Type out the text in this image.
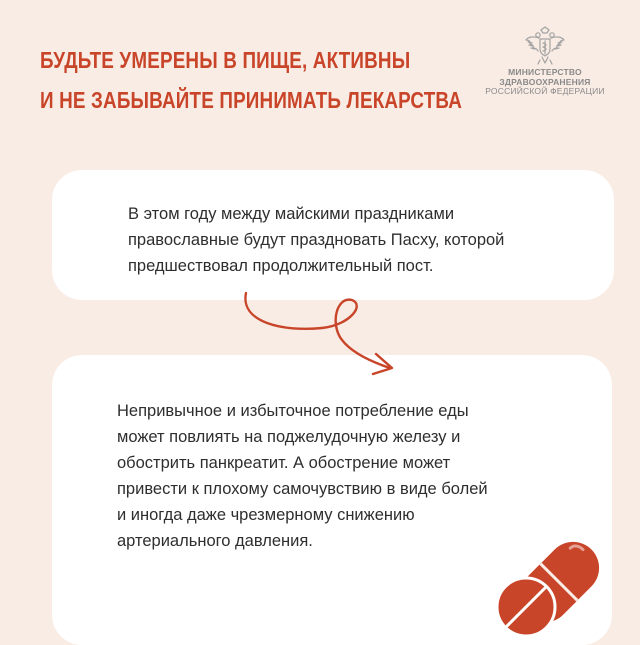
БУДЬТЕ УМЕРЕНЫ В ПИЩЕ, АКТИВНЫ
И НЕ ЗАБЫВАЙТЕ ПРИНИМАТЬ ЛЕКАРСТВА
МИНИСТЕРСТВО
ЗДРАВООХРАНЕНИЯ
РОССИЙСКОЙ ФЕДЕРАЦИИ

В этом году между майскими праздниками
православные будут праздновать Пасху, которой
предшествовал продолжительный пост.

Непривычное и избыточное потребление еды
может повлиять на поджелудочную железу и
обострить панкреатит. А обострение может
привести к плохому самочувствию в виде болей
и иногда даже чрезмерному снижению
артериального давления.
